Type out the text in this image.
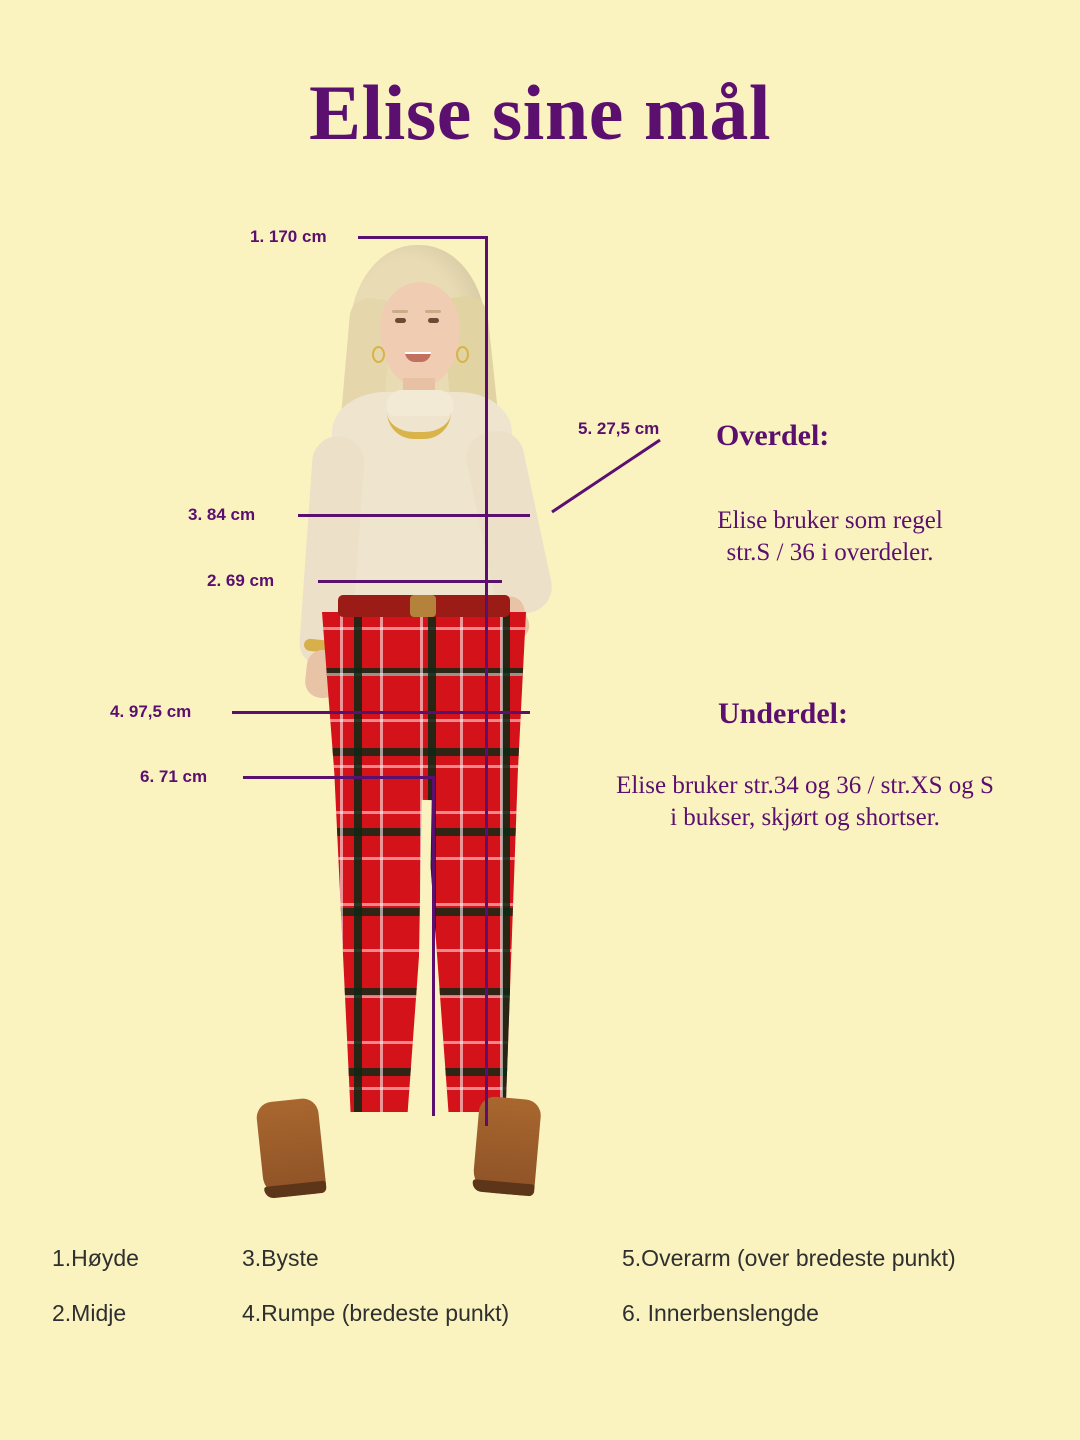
Elise sine mål
1. 170 cm
5. 27,5 cm
3. 84 cm
2. 69 cm
4. 97,5 cm
6. 71 cm
Overdel:
Elise bruker som regel
str.S / 36 i overdeler.
Underdel:
Elise bruker str.34 og 36 / str.XS og S
i bukser, skjørt og shortser.
1.Høyde	3.Byste	5.Overarm (over bredeste punkt)
2.Midje	4.Rumpe (bredeste punkt)	6. Innerbenslengde
